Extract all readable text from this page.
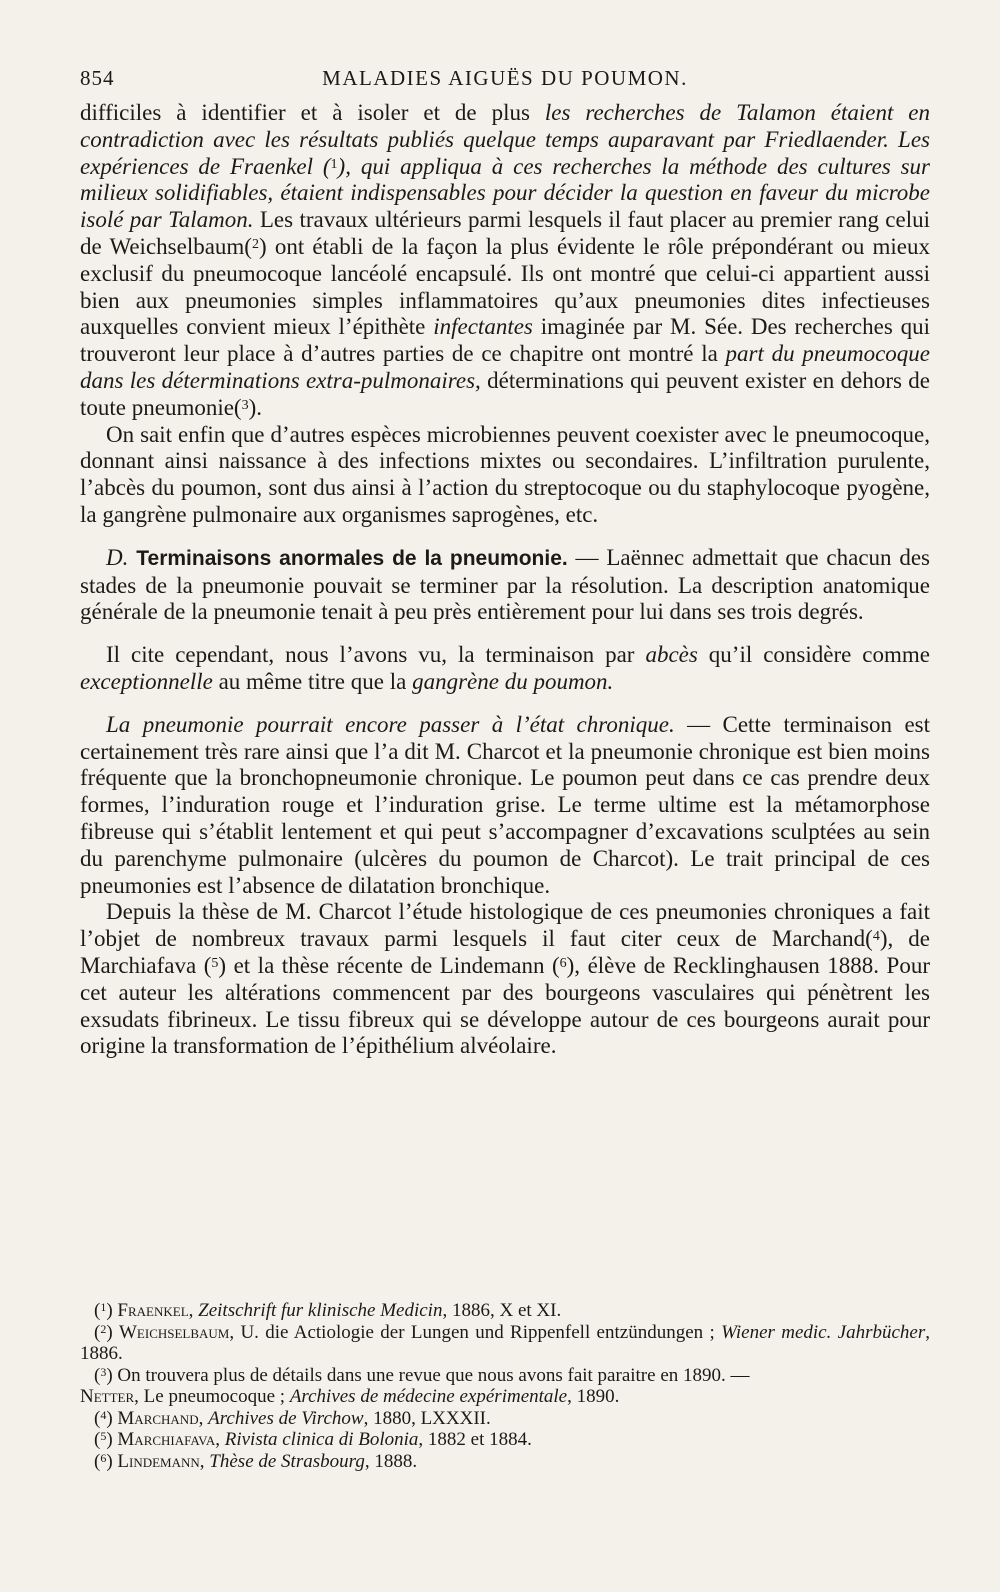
854	MALADIES AIGUËS DU POUMON.

difficiles à identifier et à isoler et de plus les recherches de Talamon étaient en contradiction avec les résultats publiés quelque temps auparavant par Friedlaender. Les expériences de Fraenkel ($^1$), qui appliqua à ces recherches la méthode des cultures sur milieux solidifiables, étaient indispensables pour décider la question en faveur du microbe isolé par Talamon. Les travaux ultérieurs parmi lesquels il faut placer au premier rang celui de Weichselbaum($^2$) ont établi de la façon la plus évidente le rôle prépondérant ou mieux exclusif du pneumocoque lancéolé encapsulé. Ils ont montré que celui-ci appartient aussi bien aux pneumonies simples inflammatoires qu’aux pneumonies dites infectieuses auxquelles convient mieux l’épithète infectantes imaginée par M. Sée. Des recherches qui trouveront leur place à d’autres parties de ce chapitre ont montré la part du pneumocoque dans les déterminations extra-pulmonaires, déterminations qui peuvent exister en dehors de toute pneumonie($^3$).

On sait enfin que d’autres espèces microbiennes peuvent coexister avec le pneumocoque, donnant ainsi naissance à des infections mixtes ou secondaires. L’infiltration purulente, l’abcès du poumon, sont dus ainsi à l’action du streptocoque ou du staphylocoque pyogène, la gangrène pulmonaire aux organismes saprogènes, etc.

D. Terminaisons anormales de la pneumonie. — Laënnec admettait que chacun des stades de la pneumonie pouvait se terminer par la résolution. La description anatomique générale de la pneumonie tenait à peu près entièrement pour lui dans ses trois degrés.

Il cite cependant, nous l’avons vu, la terminaison par abcès qu’il considère comme exceptionnelle au même titre que la gangrène du poumon.

La pneumonie pourrait encore passer à l’état chronique. — Cette terminaison est certainement très rare ainsi que l’a dit M. Charcot et la pneumonie chronique est bien moins fréquente que la bronchopneumonie chronique. Le poumon peut dans ce cas prendre deux formes, l’induration rouge et l’induration grise. Le terme ultime est la métamorphose fibreuse qui s’établit lentement et qui peut s’accompagner d’excavations sculptées au sein du parenchyme pulmonaire (ulcères du poumon de Charcot). Le trait principal de ces pneumonies est l’absence de dilatation bronchique.

Depuis la thèse de M. Charcot l’étude histologique de ces pneumonies chroniques a fait l’objet de nombreux travaux parmi lesquels il faut citer ceux de Marchand($^4$), de Marchiafava ($^5$) et la thèse récente de Lindemann ($^6$), élève de Recklinghausen 1888. Pour cet auteur les altérations commencent par des bourgeons vasculaires qui pénètrent les exsudats fibrineux. Le tissu fibreux qui se développe autour de ces bourgeons aurait pour origine la transformation de l’épithélium alvéolaire.

($^1$) Fraenkel, Zeitschrift fur klinische Medicin, 1886, X et XI.

($^2$) Weichselbaum, U. die Actiologie der Lungen und Rippenfell entzündungen ; Wiener medic. Jahrbücher, 1886.

($^3$) On trouvera plus de détails dans une revue que nous avons fait paraitre en 1890. —

Netter, Le pneumocoque ; Archives de médecine expérimentale, 1890.

($^4$) Marchand, Archives de Virchow, 1880, LXXXII.

($^5$) Marchiafava, Rivista clinica di Bolonia, 1882 et 1884.

($^6$) Lindemann, Thèse de Strasbourg, 1888.
